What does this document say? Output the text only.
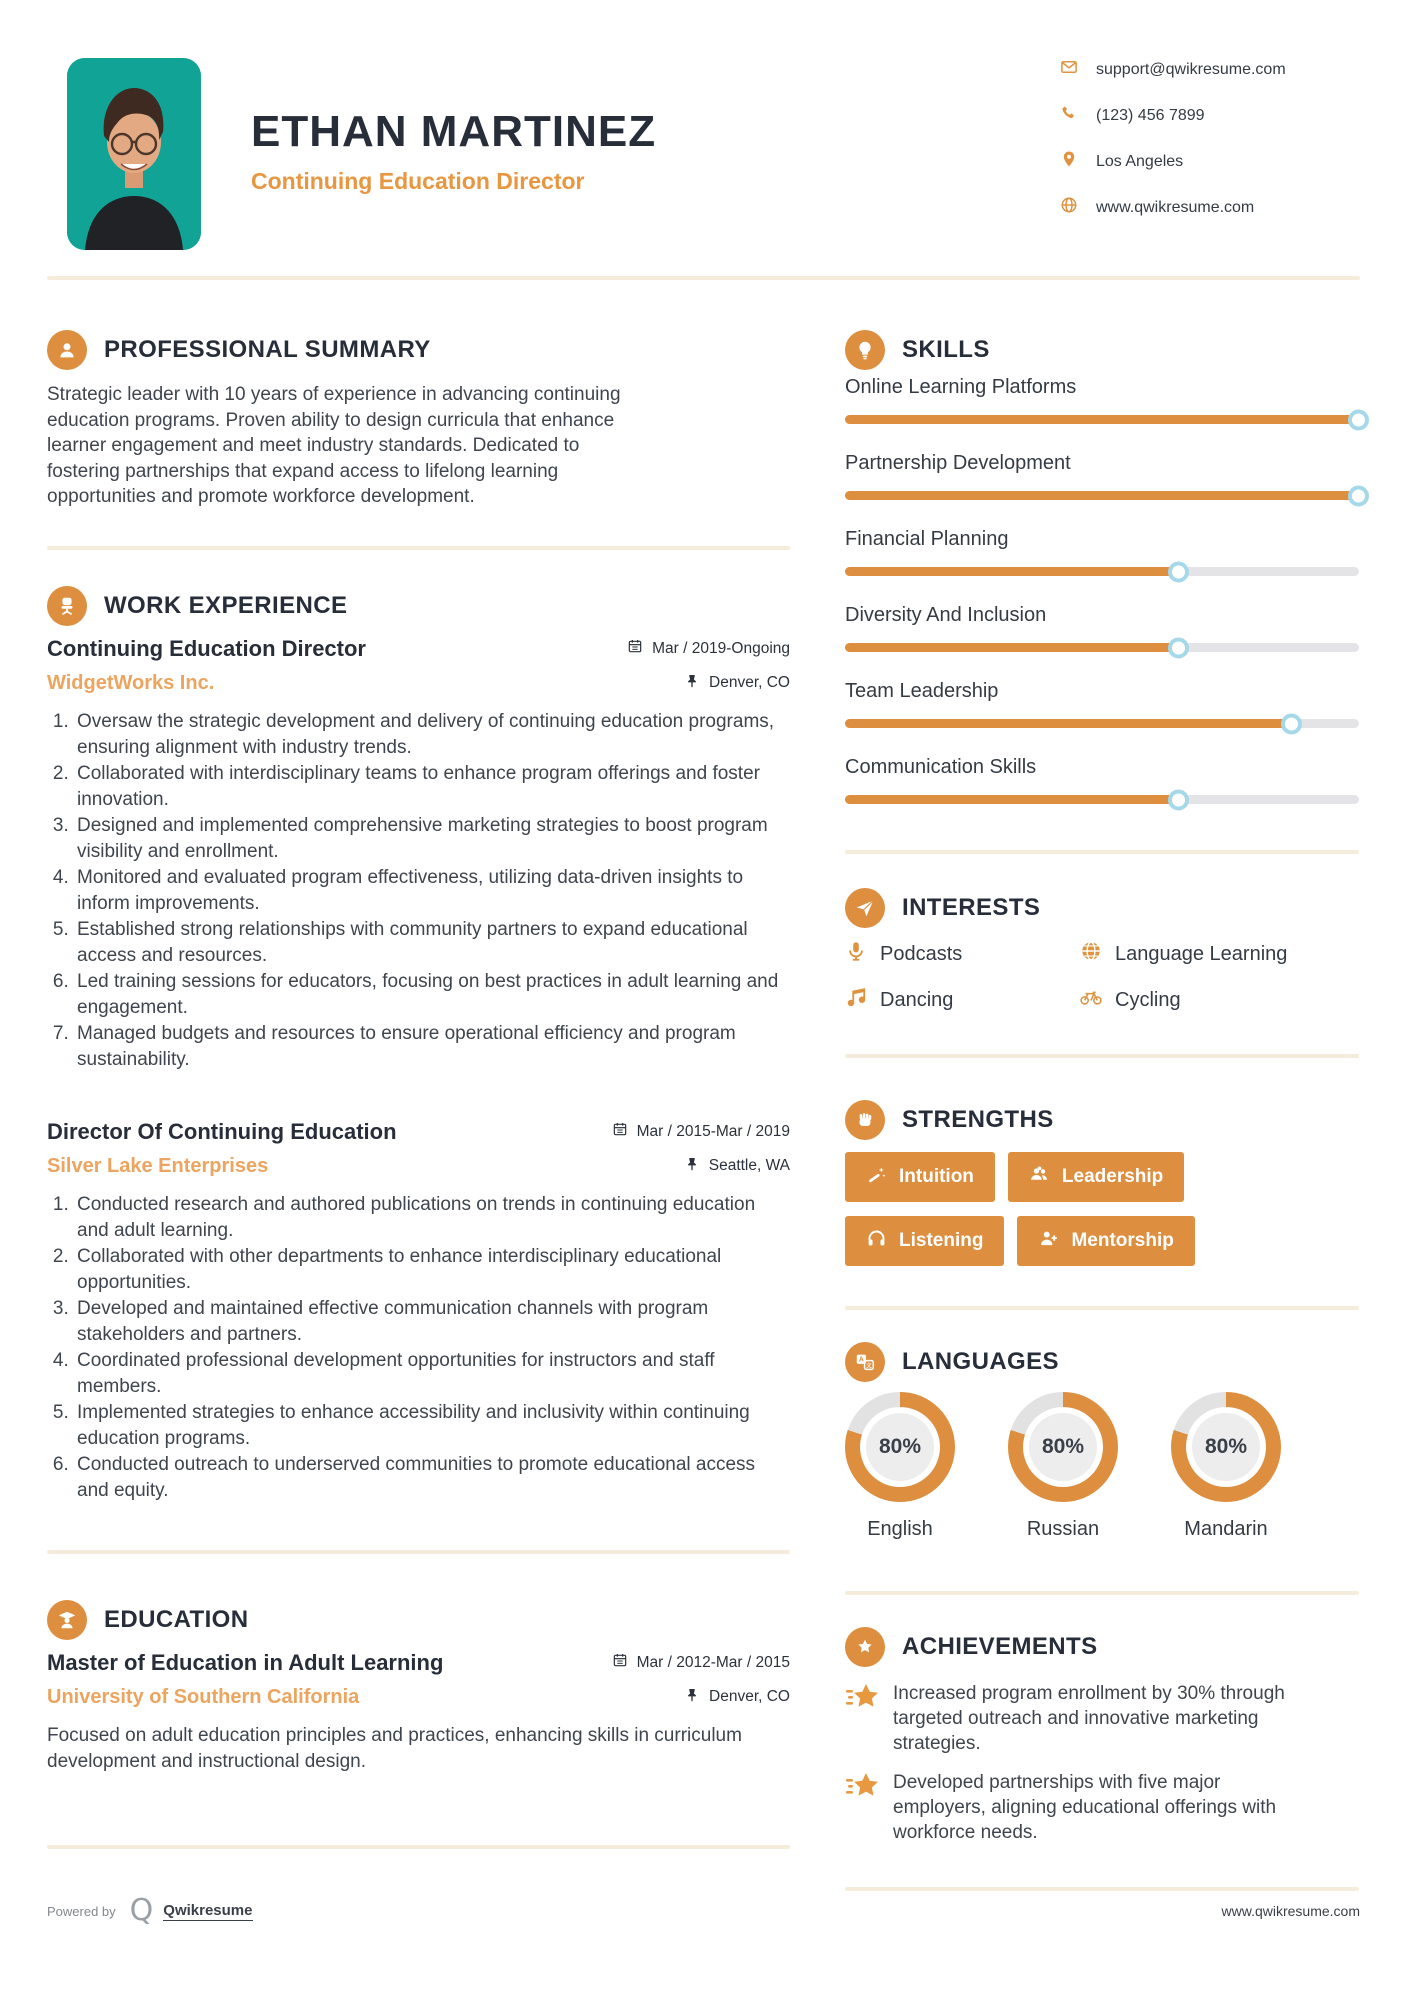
ETHAN MARTINEZ
Continuing Education Director
support@qwikresume.com
(123) 456 7899
Los Angeles
www.qwikresume.com
PROFESSIONAL SUMMARY

Strategic leader with 10 years of experience in advancing continuing education programs. Proven ability to design curricula that enhance learner engagement and meet industry standards. Dedicated to fostering partnerships that expand access to lifelong learning opportunities and promote workforce development.

WORK EXPERIENCE
Continuing Education Director	Mar / 2019-Ongoing
WidgetWorks Inc.	Denver, CO
1. Oversaw the strategic development and delivery of continuing education programs, ensuring alignment with industry trends.
2. Collaborated with interdisciplinary teams to enhance program offerings and foster innovation.
3. Designed and implemented comprehensive marketing strategies to boost program visibility and enrollment.
4. Monitored and evaluated program effectiveness, utilizing data-driven insights to inform improvements.
5. Established strong relationships with community partners to expand educational access and resources.
6. Led training sessions for educators, focusing on best practices in adult learning and engagement.
7. Managed budgets and resources to ensure operational efficiency and program sustainability.
Director Of Continuing Education	Mar / 2015-Mar / 2019
Silver Lake Enterprises	Seattle, WA
1. Conducted research and authored publications on trends in continuing education and adult learning.
2. Collaborated with other departments to enhance interdisciplinary educational opportunities.
3. Developed and maintained effective communication channels with program stakeholders and partners.
4. Coordinated professional development opportunities for instructors and staff members.
5. Implemented strategies to enhance accessibility and inclusivity within continuing education programs.
6. Conducted outreach to underserved communities to promote educational access and equity.
EDUCATION
Master of Education in Adult Learning	Mar / 2012-Mar / 2015
University of Southern California	Denver, CO

Focused on adult education principles and practices, enhancing skills in curriculum development and instructional design.

SKILLS
Online Learning Platforms
Partnership Development
Financial Planning
Diversity And Inclusion
Team Leadership
Communication Skills
INTERESTS
Podcasts	Language Learning
Dancing	Cycling
STRENGTHS
Intuition	Leadership
Listening	Mentorship
A
文 LANGUAGES
80%
English
80%
Russian
80%
Mandarin
ACHIEVEMENTS
Increased program enrollment by 30% through targeted outreach and innovative marketing strategies.
Developed partnerships with five major employers, aligning educational offerings with workforce needs.
Powered by Q Qwikresume	www.qwikresume.com
